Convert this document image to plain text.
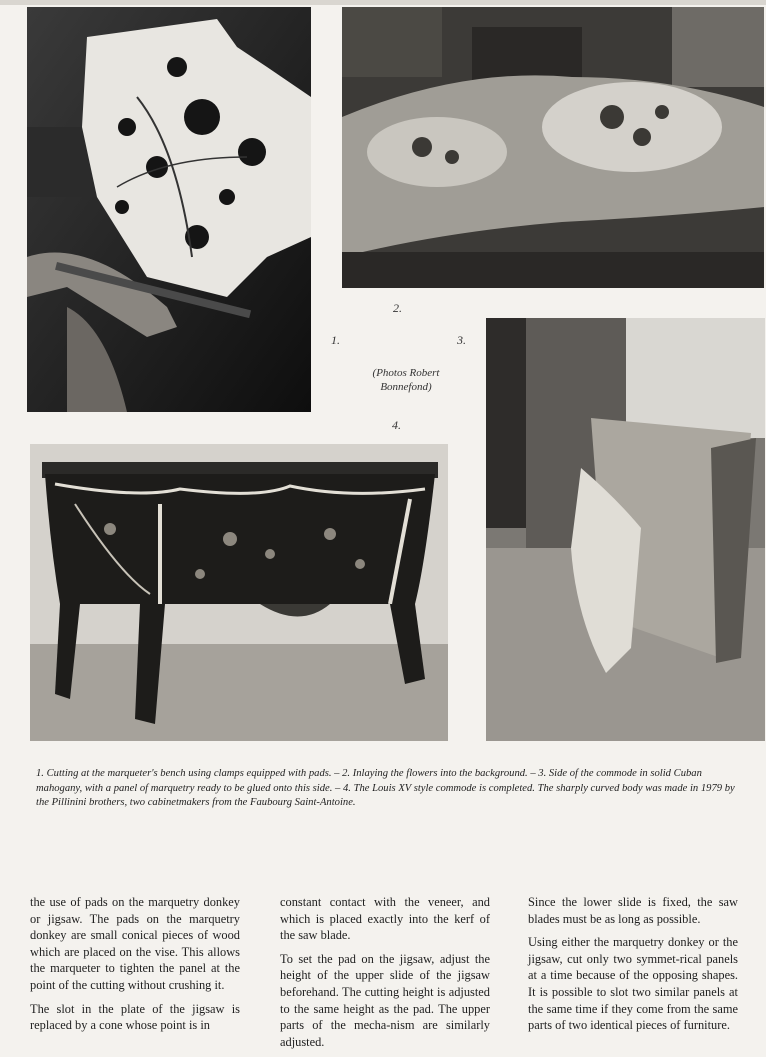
2.
1.	3.
4.
(Photos Robert Bonnefond)
1. Cutting at the marqueter's bench using clamps equipped with pads. – 2. Inlaying the flowers into the background. – 3. Side of the commode in solid Cuban mahogany, with a panel of marquetry ready to be glued onto this side. – 4. The Louis XV style commode is completed. The sharply curved body was made in 1979 by the Pillinini brothers, two cabinetmakers from the Faubourg Saint-Antoine.

the use of pads on the marquetry donkey or jigsaw. The pads on the marquetry donkey are small conical pieces of wood which are placed on the vise. This allows the marqueter to tighten the panel at the point of the cutting without crushing it.

The slot in the plate of the jigsaw is replaced by a cone whose point is in

constant contact with the veneer, and which is placed exactly into the kerf of the saw blade.

To set the pad on the jigsaw, adjust the height of the upper slide of the jigsaw beforehand. The cutting height is adjusted to the same height as the pad. The upper parts of the mecha-nism are similarly adjusted.

Since the lower slide is fixed, the saw blades must be as long as possible.

Using either the marquetry donkey or the jigsaw, cut only two symmet-rical panels at a time because of the opposing shapes. It is possible to slot two similar panels at the same time if they come from the same parts of two identical pieces of furniture.
